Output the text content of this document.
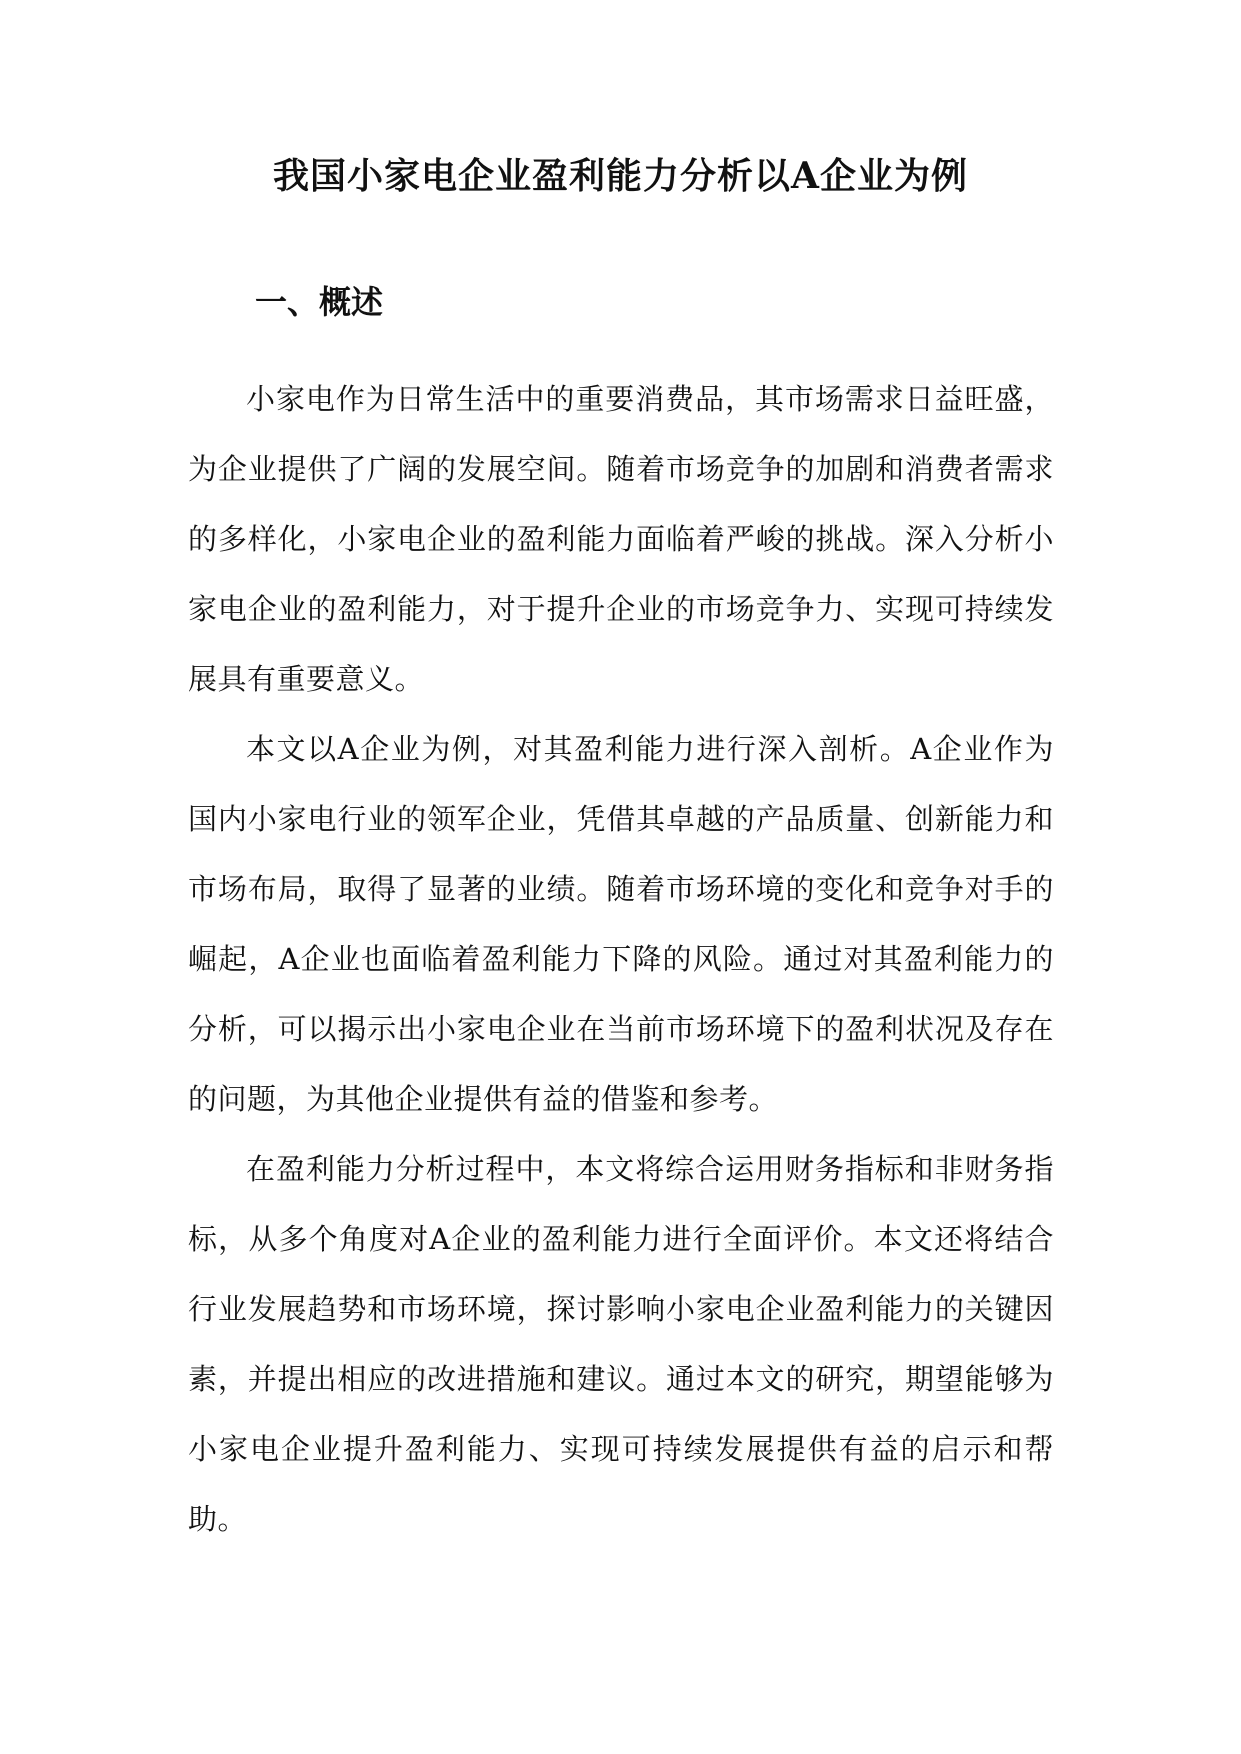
我国小家电企业盈利能力分析以A企业为例
一、概述

小家电作为日常生活中的重要消费品，其市场需求日益旺盛，为企业提供了广阔的发展空间。随着市场竞争的加剧和消费者需求的多样化，小家电企业的盈利能力面临着严峻的挑战。深入分析小家电企业的盈利能力，对于提升企业的市场竞争力、实现可持续发展具有重要意义。

本文以A企业为例，对其盈利能力进行深入剖析。A企业作为国内小家电行业的领军企业，凭借其卓越的产品质量、创新能力和市场布局，取得了显著的业绩。随着市场环境的变化和竞争对手的崛起，A企业也面临着盈利能力下降的风险。通过对其盈利能力的分析，可以揭示出小家电企业在当前市场环境下的盈利状况及存在的问题，为其他企业提供有益的借鉴和参考。

在盈利能力分析过程中，本文将综合运用财务指标和非财务指标，从多个角度对A企业的盈利能力进行全面评价。本文还将结合行业发展趋势和市场环境，探讨影响小家电企业盈利能力的关键因素，并提出相应的改进措施和建议。通过本文的研究，期望能够为小家电企业提升盈利能力、实现可持续发展提供有益的启示和帮助。
